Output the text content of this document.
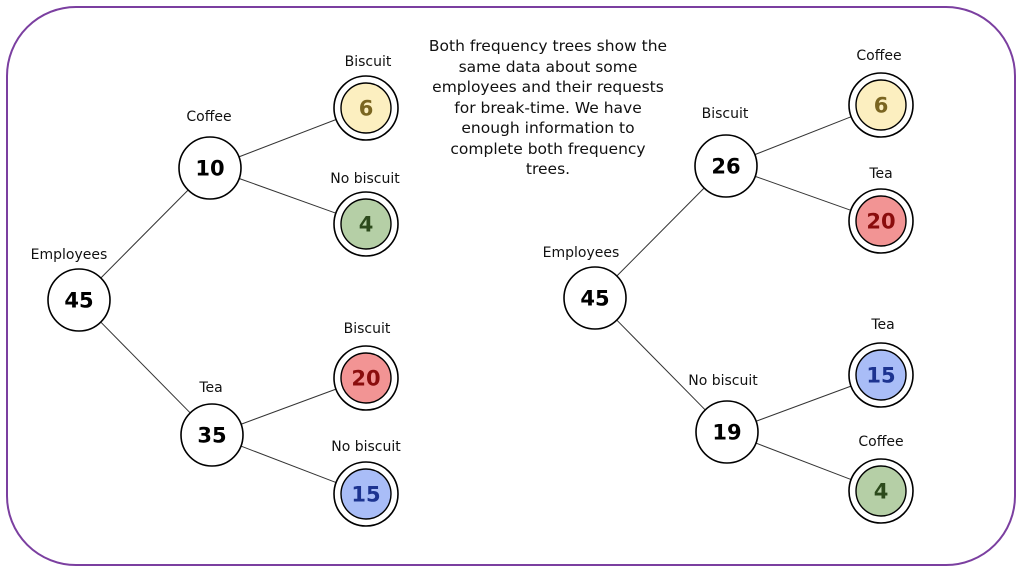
Employees
45
Coffee
10
Biscuit
6
No biscuit
4
Tea
35
Biscuit
20
No biscuit
15
Employees
45
Biscuit
26
Coffee
6
Tea
20
No biscuit
19
Tea
15
Coffee
4
Both frequency trees show the same data about some employees and their requests for break-time. We have enough information to complete both frequency trees.
